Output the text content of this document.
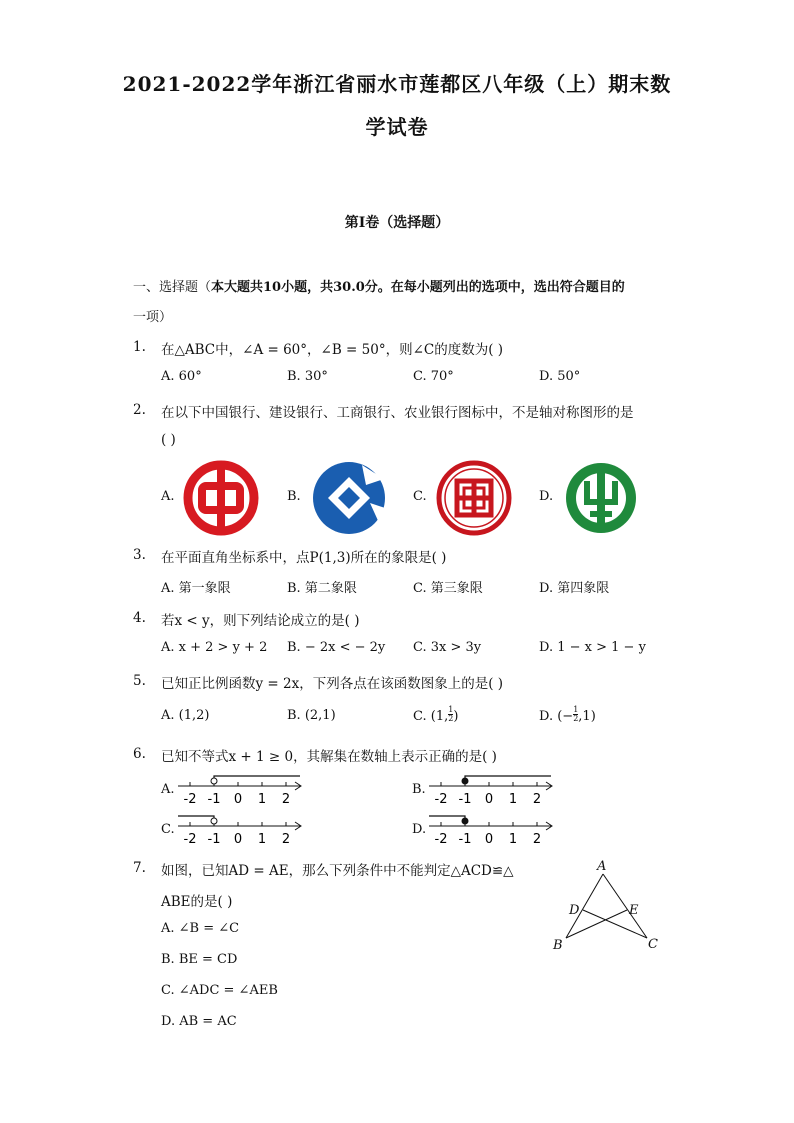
2021-2022学年浙江省丽水市莲都区八年级（上）期末数
学试卷
第I卷（选择题）
一、选择题（本大题共10小题，共30.0分。在每小题列出的选项中，选出符合题目的
一项）
1. 在△ABC中，∠A = 60°，∠B = 50°，则∠C的度数为( )
A. 60°	B. 30°	C. 70°	D. 50°
2. 在以下中国银行、建设银行、工商银行、农业银行图标中，不是轴对称图形的是
( )
A.	B.	C.	D.
3. 在平面直角坐标系中，点P(1,3)所在的象限是( )
A. 第一象限	B. 第二象限	C. 第三象限	D. 第四象限
4. 若x < y，则下列结论成立的是( )
A. x + 2 > y + 2 B. − 2x < − 2y C. 3x > 3y	D. 1 − x > 1 − y
5. 已知正比例函数y = 2x，下列各点在该函数图象上的是( )
A. (1,2)	B. (2,1)	C. (1, $\frac{1}{2}$ )	D. (− $\frac{1}{2} ,1$)
6. 已知不等式x + 1 ≥ 0，其解集在数轴上表示正确的是( )
A.	B.
C.	D.
-2 -1 0 1 2	-2 -1 0 1 2
-2 -1 0 1 2	-2 -1 0 1 2
7. 如图，已知AD = AE，那么下列条件中不能判定△ACD≌△
ABE的是( )
A. ∠B = ∠C
B. BE = CD
C. ∠ADC = ∠AEB
D. AB = AC
A
D	E
B	C
